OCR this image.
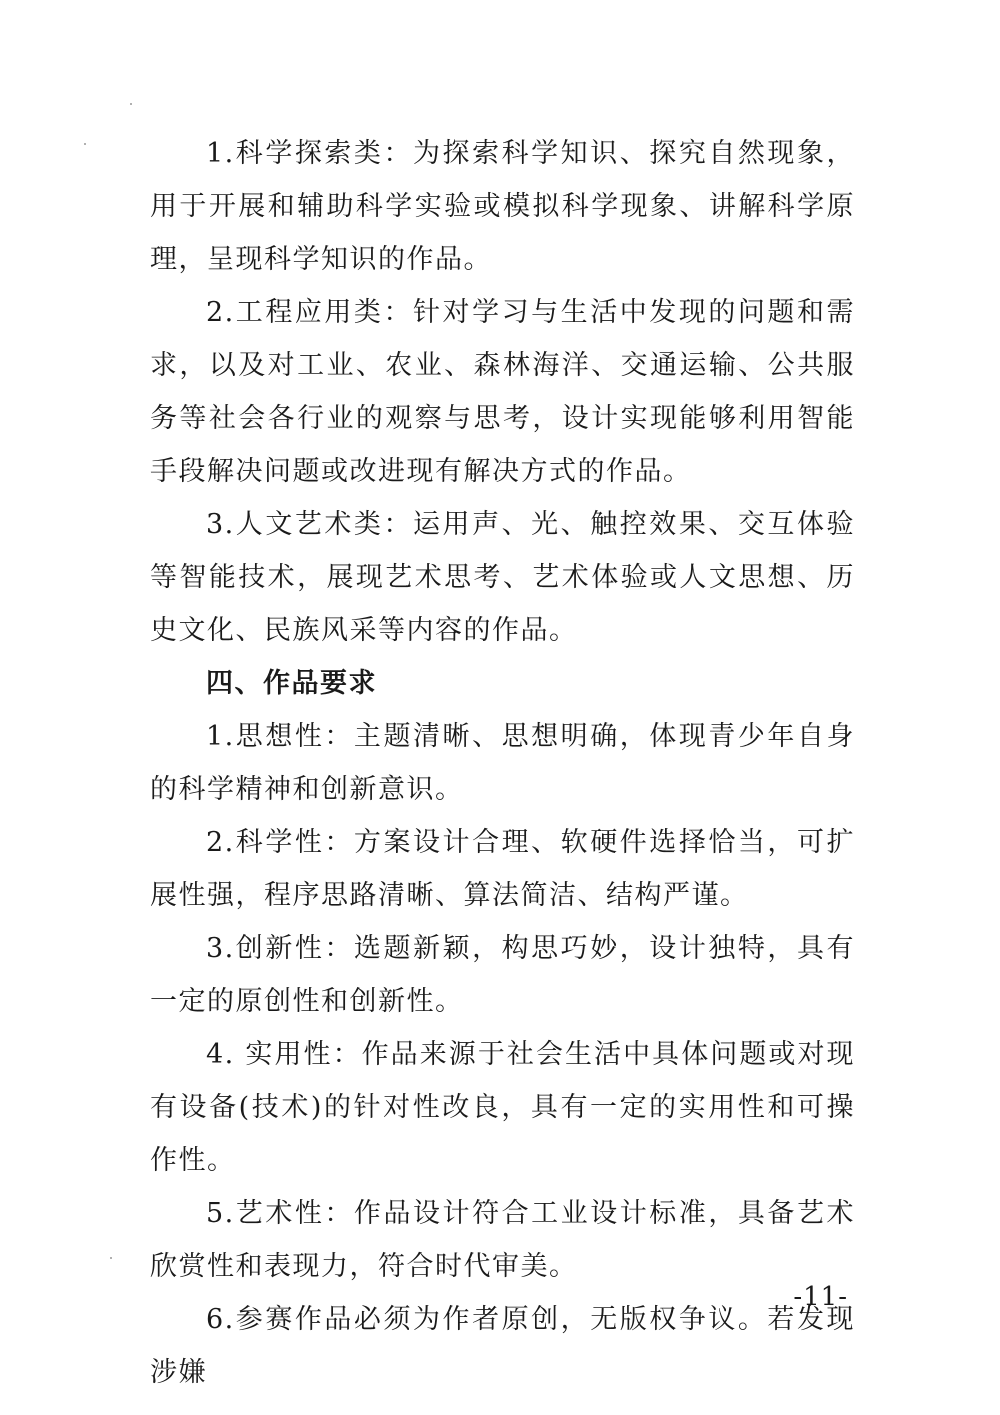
1.科学探索类：为探索科学知识、探究自然现象，用于开展和辅助科学实验或模拟科学现象、讲解科学原理，呈现科学知识的作品。

2.工程应用类：针对学习与生活中发现的问题和需求，以及对工业、农业、森林海洋、交通运输、公共服务等社会各行业的观察与思考，设计实现能够利用智能手段解决问题或改进现有解决方式的作品。

3.人文艺术类：运用声、光、触控效果、交互体验等智能技术，展现艺术思考、艺术体验或人文思想、历史文化、民族风采等内容的作品。

四、作品要求

1.思想性：主题清晰、思想明确，体现青少年自身的科学精神和创新意识。

2.科学性：方案设计合理、软硬件选择恰当，可扩展性强，程序思路清晰、算法简洁、结构严谨。

3.创新性：选题新颖，构思巧妙，设计独特，具有一定的原创性和创新性。

4. 实用性：作品来源于社会生活中具体问题或对现有设备(技术)的针对性改良，具有一定的实用性和可操作性。

5.艺术性：作品设计符合工业设计标准，具备艺术欣赏性和表现力，符合时代审美。

6.参赛作品必须为作者原创，无版权争议。若发现涉嫌

-11-
